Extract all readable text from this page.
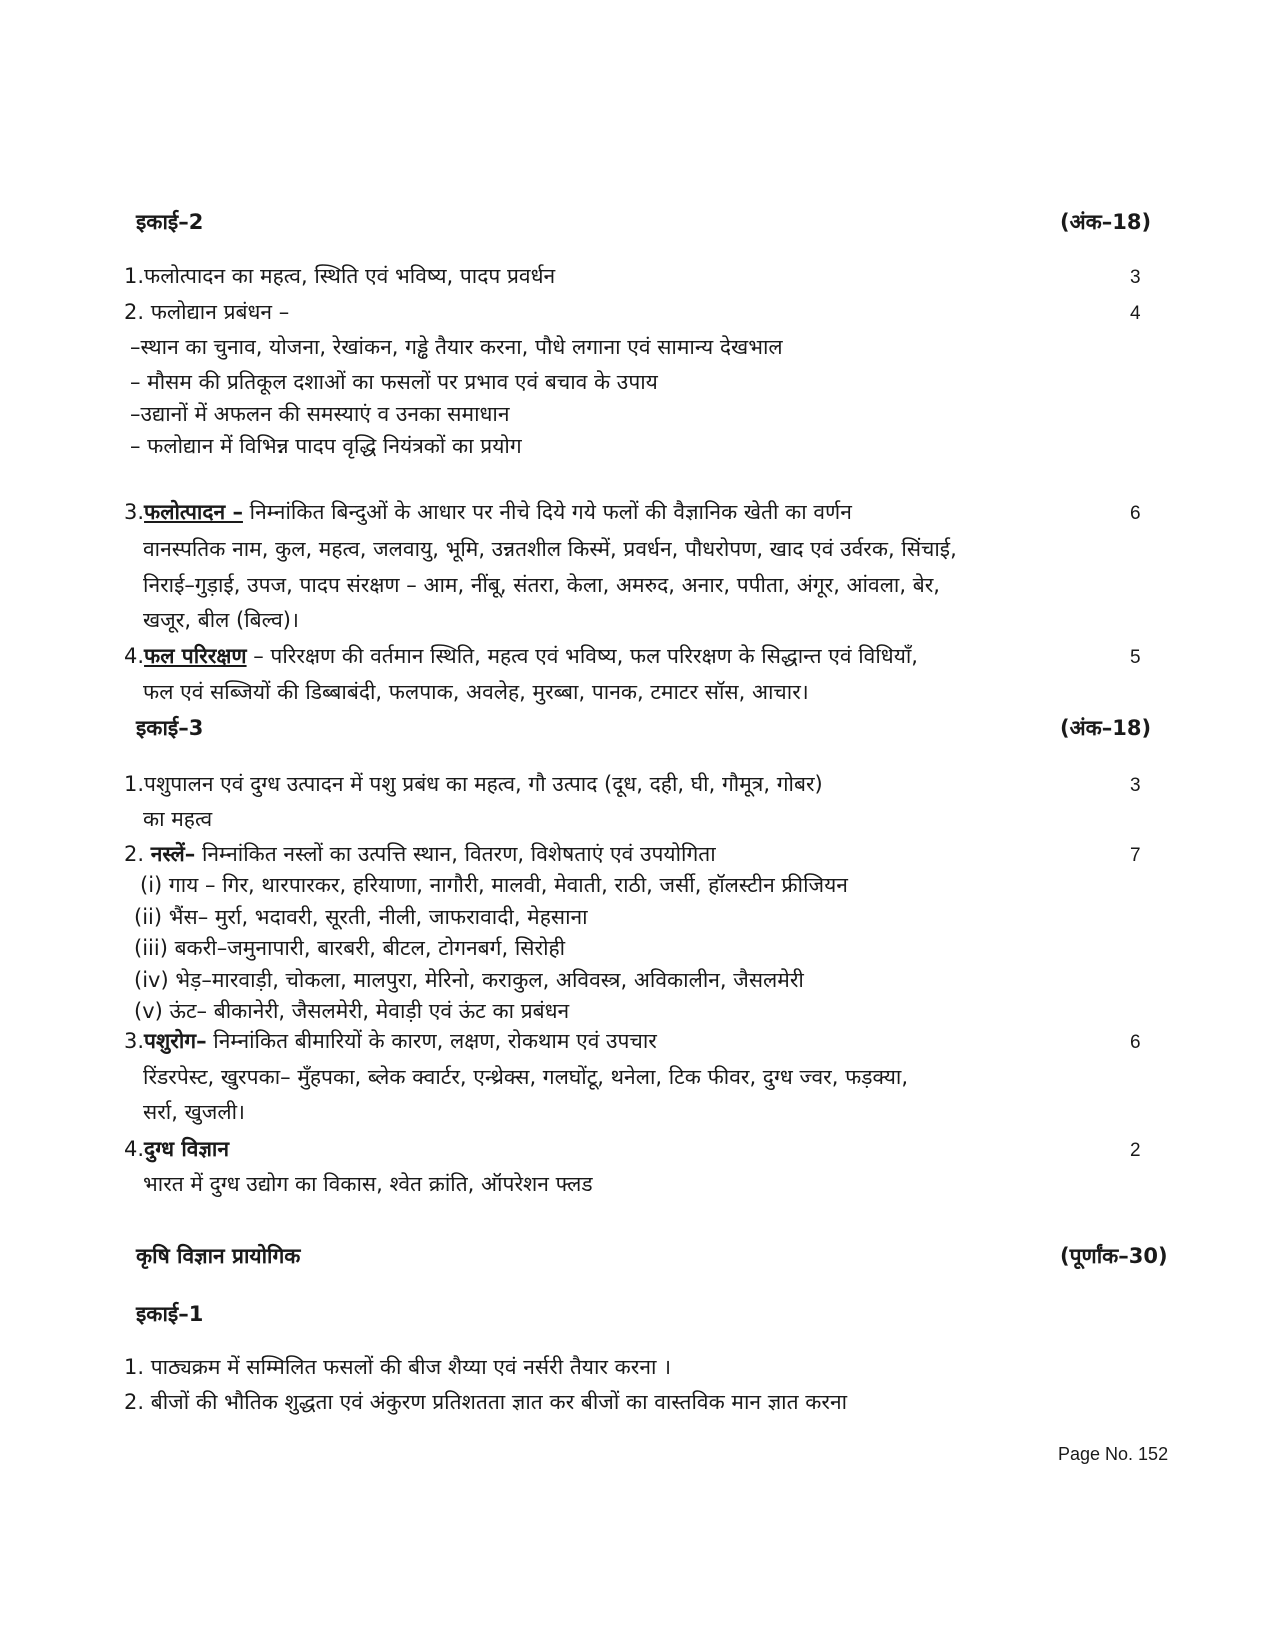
इकाई–2	(अंक–18)
1.फलोत्पादन का महत्व, स्थिति एवं भविष्य, पादप प्रवर्धन	3
2. फलोद्यान प्रबंधन –	4
–स्थान का चुनाव, योजना, रेखांकन, गड्ढे तैयार करना, पौधे लगाना एवं सामान्य देखभाल
– मौसम की प्रतिकूल दशाओं का फसलों पर प्रभाव एवं बचाव के उपाय
–उद्यानों में अफलन की समस्याएं व उनका समाधान
– फलोद्यान में विभिन्न पादप वृद्धि नियंत्रकों का प्रयोग
3.फलोत्पादन – निम्नांकित बिन्दुओं के आधार पर नीचे दिये गये फलों की वैज्ञानिक खेती का वर्णन	6
वानस्पतिक नाम, कुल, महत्व, जलवायु, भूमि, उन्नतशील किस्में, प्रवर्धन, पौधरोपण, खाद एवं उर्वरक, सिंचाई,
निराई–गुड़ाई, उपज, पादप संरक्षण – आम, नींबू, संतरा, केला, अमरुद, अनार, पपीता, अंगूर, आंवला, बेर,
खजूर, बील (बिल्व)।
4.फल परिरक्षण – परिरक्षण की वर्तमान स्थिति, महत्व एवं भविष्य, फल परिरक्षण के सिद्धान्त एवं विधियाँ,	5
फल एवं सब्जियों की डिब्बाबंदी, फलपाक, अवलेह, मुरब्बा, पानक, टमाटर सॉस, आचार।
इकाई–3	(अंक–18)
1.पशुपालन एवं दुग्ध उत्पादन में पशु प्रबंध का महत्व, गौ उत्पाद (दूध, दही, घी, गौमूत्र, गोबर)	3
का महत्व
2. नस्लें– निम्नांकित नस्लों का उत्पत्ति स्थान, वितरण, विशेषताएं एवं उपयोगिता	7
(i) गाय – गिर, थारपारकर, हरियाणा, नागौरी, मालवी, मेवाती, राठी, जर्सी, हॉलस्टीन फ्रीजियन
(ii) भैंस– मुर्रा, भदावरी, सूरती, नीली, जाफरावादी, मेहसाना
(iii) बकरी–जमुनापारी, बारबरी, बीटल, टोगनबर्ग, सिरोही
(iv) भेड़–मारवाड़ी, चोकला, मालपुरा, मेरिनो, कराकुल, अविवस्त्र, अविकालीन, जैसलमेरी
(v) ऊंट– बीकानेरी, जैसलमेरी, मेवाड़ी एवं ऊंट का प्रबंधन
3.पशुरोग– निम्नांकित बीमारियों के कारण, लक्षण, रोकथाम एवं उपचार	6
रिंडरपेस्ट, खुरपका– मुँहपका, ब्लेक क्वार्टर, एन्थ्रेक्स, गलघोंटू, थनेला, टिक फीवर, दुग्ध ज्वर, फड़क्या,
सर्रा, खुजली।
4.दुग्ध विज्ञान	2
भारत में दुग्ध उद्योग का विकास, श्वेत क्रांति, ऑपरेशन फ्लड
कृषि विज्ञान प्रायोगिक	(पूर्णांक–30)
इकाई–1
1. पाठ्यक्रम में सम्मिलित फसलों की बीज शैय्या एवं नर्सरी तैयार करना ।
2. बीजों की भौतिक शुद्धता एवं अंकुरण प्रतिशतता ज्ञात कर बीजों का वास्तविक मान ज्ञात करना
Page No. 152
